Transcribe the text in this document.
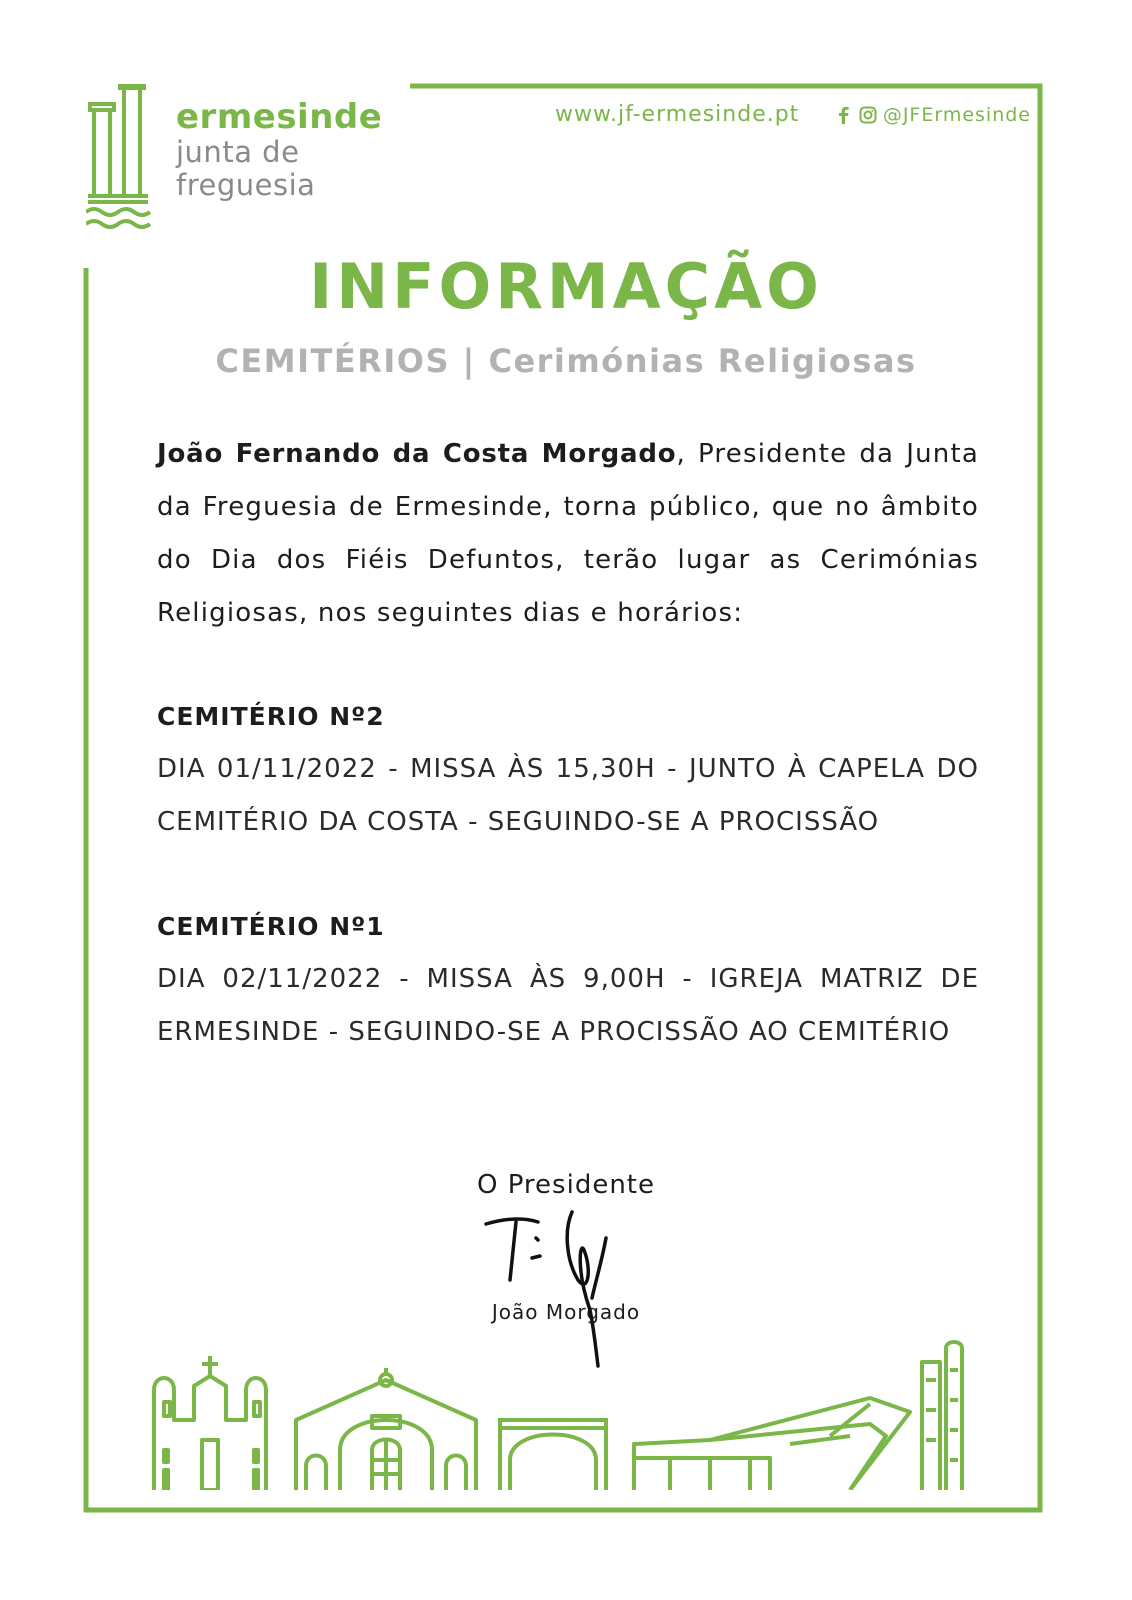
ermesinde
junta de
freguesia
www.jf-ermesinde.pt	@JFErmesinde
INFORMAÇÃO
CEMITÉRIOS | Cerimónias Religiosas
João Fernando da Costa Morgado, Presidente da Junta da Freguesia de Ermesinde, torna público, que no âmbito do Dia dos Fiéis Defuntos, terão lugar as Cerimónias Religiosas, nos seguintes dias e horários:
CEMITÉRIO Nº2
DIA 01/11/2022 - MISSA ÀS 15,30H - JUNTO À CAPELA DO CEMITÉRIO DA COSTA - SEGUINDO-SE A PROCISSÃO
CEMITÉRIO Nº1
DIA 02/11/2022 - MISSA ÀS 9,00H - IGREJA MATRIZ DE ERMESINDE - SEGUINDO-SE A PROCISSÃO AO CEMITÉRIO
O Presidente
João Morgado
